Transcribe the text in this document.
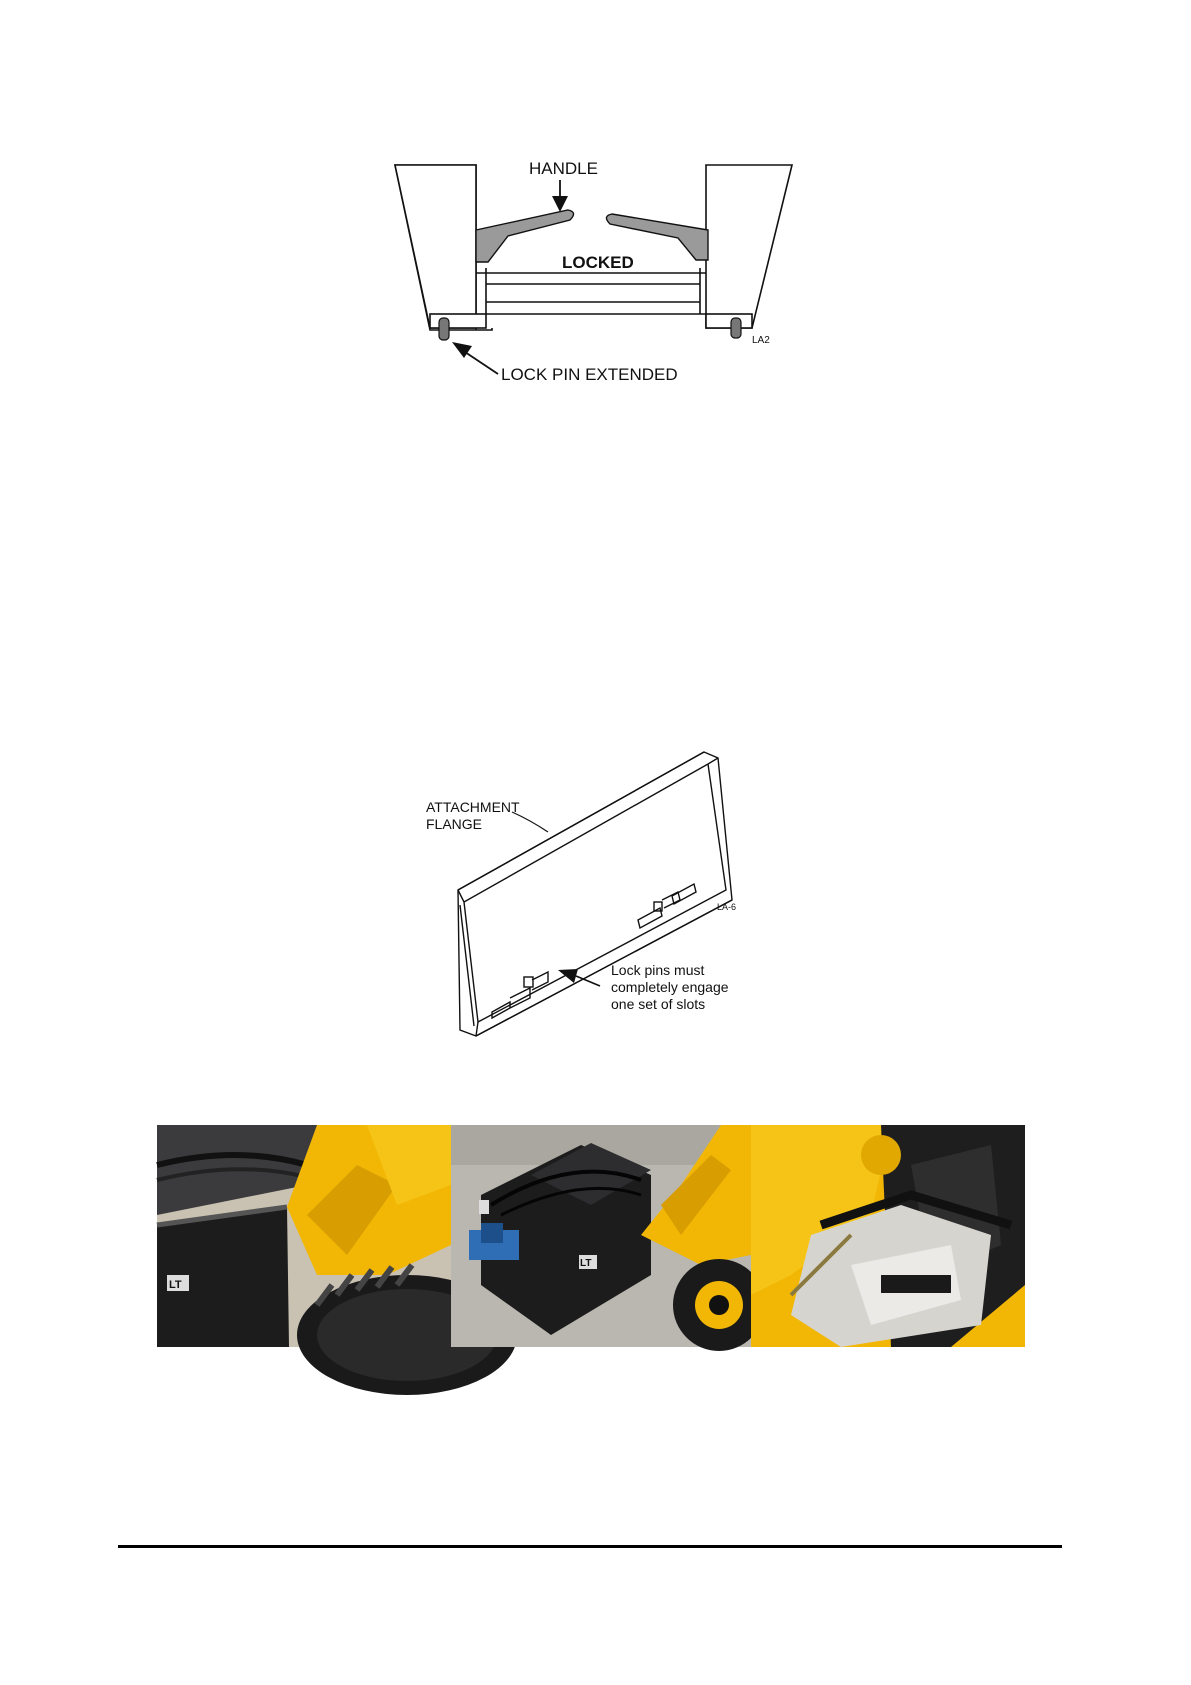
HANDLE
LOCKED
LOCK PIN EXTENDED
LA2
ATTACHMENT
FLANGE
Lock pins must
completely engage
one set of slots
LA-6
LT
LT
